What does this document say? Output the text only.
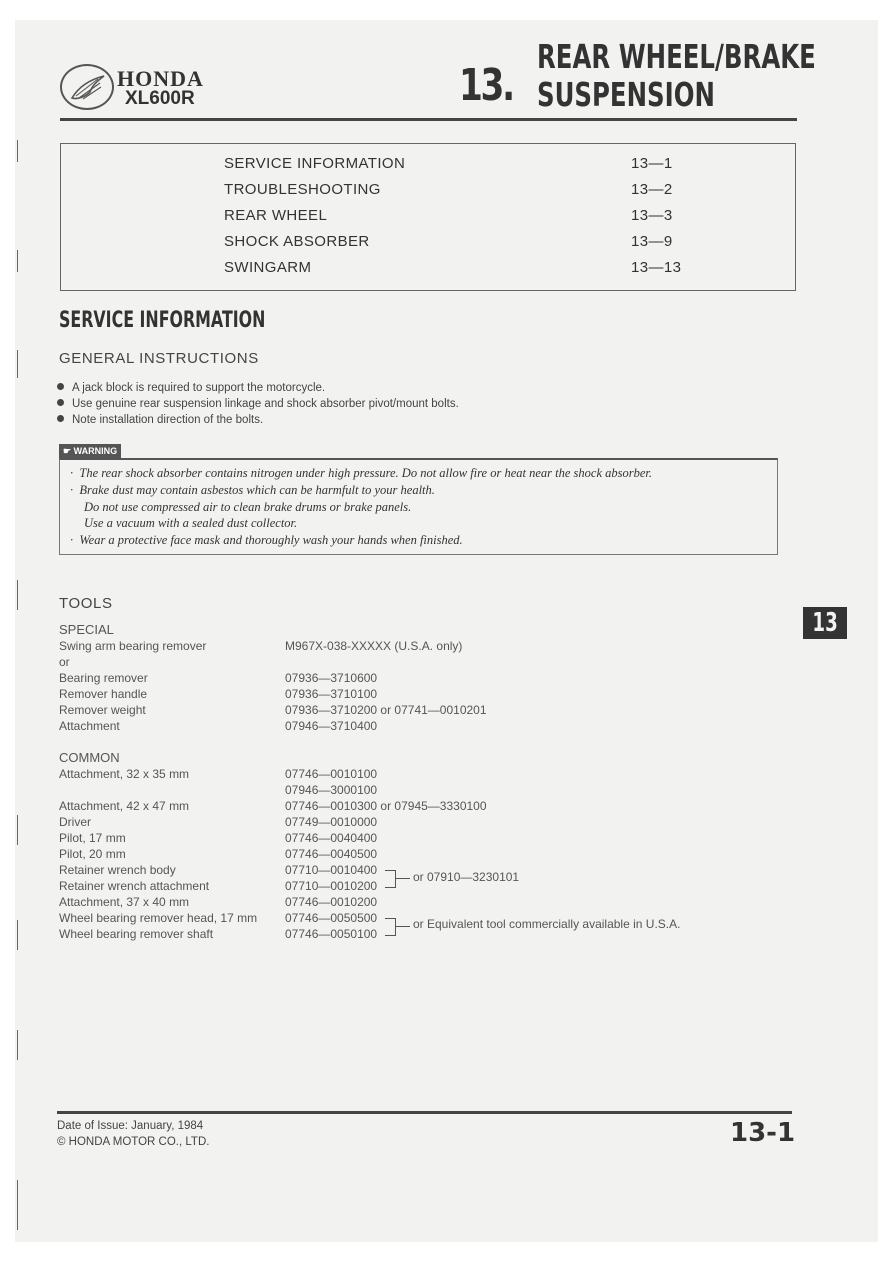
HONDA
XL600R	13.
REAR WHEEL/BRAKE
SUSPENSION
SERVICE INFORMATION	13—1
TROUBLESHOOTING	13—2
REAR WHEEL	13—3
SHOCK ABSORBER	13—9
SWINGARM	13—13
SERVICE INFORMATION
GENERAL INSTRUCTIONS
A jack block is required to support the motorcycle.
Use genuine rear suspension linkage and shock absorber pivot/mount bolts.
Note installation direction of the bolts.
☛ WARNING
·  The rear shock absorber contains nitrogen under high pressure. Do not allow fire or heat near the shock absorber.
·  Brake dust may contain asbestos which can be harmfult to your health.
Do not use compressed air to clean brake drums or brake panels.
Use a vacuum with a sealed dust collector.
·  Wear a protective face mask and thoroughly wash your hands when finished.
TOOLS
SPECIAL
Swing arm bearing remover	M967X-038-XXXXX (U.S.A. only)
or
Bearing remover	07936—3710600
Remover handle	07936—3710100
Remover weight	07936—3710200 or 07741—0010201
Attachment	07946—3710400
COMMON
Attachment, 32 x 35 mm	07746—0010100
07946—3000100
Attachment, 42 x 47 mm	07746—0010300 or 07945—3330100
Driver	07749—0010000
Pilot, 17 mm	07746—0040400
Pilot, 20 mm	07746—0040500
Retainer wrench body	07710—0010400
Retainer wrench attachment	07710—0010200
Attachment, 37 x 40 mm	07746—0010200
Wheel bearing remover head, 17 mm 07746—0050500
Wheel bearing remover shaft	07746—0050100
or 07910—3230101
or Equivalent tool commercially available in U.S.A.
Date of Issue: January, 1984
© HONDA MOTOR CO., LTD.	13-1
13
